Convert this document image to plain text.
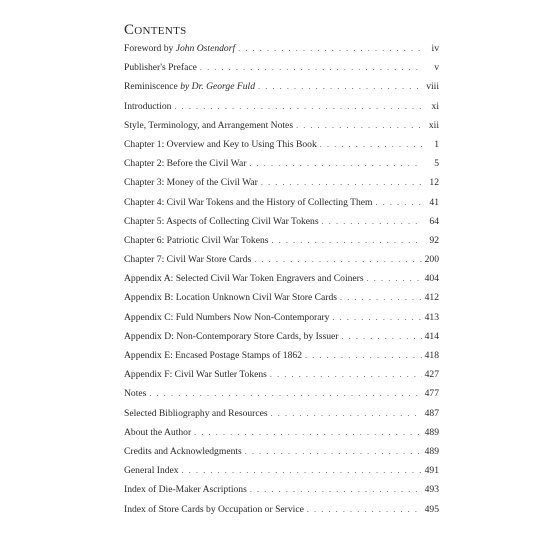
Contents
Foreword by John Ostendorf . . .	iv
Publisher's Preface . . .	v
Reminiscence by Dr. George Fuld . . .	viii
Introduction . . .	xi
Style, Terminology, and Arrangement Notes . . .	xii
Chapter 1: Overview and Key to Using This Book . . .	1
Chapter 2: Before the Civil War . . .	5
Chapter 3: Money of the Civil War . . .	12
Chapter 4: Civil War Tokens and the History of Collecting Them . . .	41
Chapter 5: Aspects of Collecting Civil War Tokens . . .	64
Chapter 6: Patriotic Civil War Tokens . . .	92
Chapter 7: Civil War Store Cards . . .	200
Appendix A: Selected Civil War Token Engravers and Coiners . . .	404
Appendix B: Location Unknown Civil War Store Cards . . .	412
Appendix C: Fuld Numbers Now Non-Contemporary . . .	413
Appendix D: Non-Contemporary Store Cards, by Issuer . . .	414
Appendix E: Encased Postage Stamps of 1862 . . .	418
Appendix F: Civil War Sutler Tokens . . .	427
Notes . . .	477
Selected Bibliography and Resources . . .	487
About the Author . . .	489
Credits and Acknowledgments . . .	489
General Index . . .	491
Index of Die-Maker Ascriptions . . .	493
Index of Store Cards by Occupation or Service . . .	495
